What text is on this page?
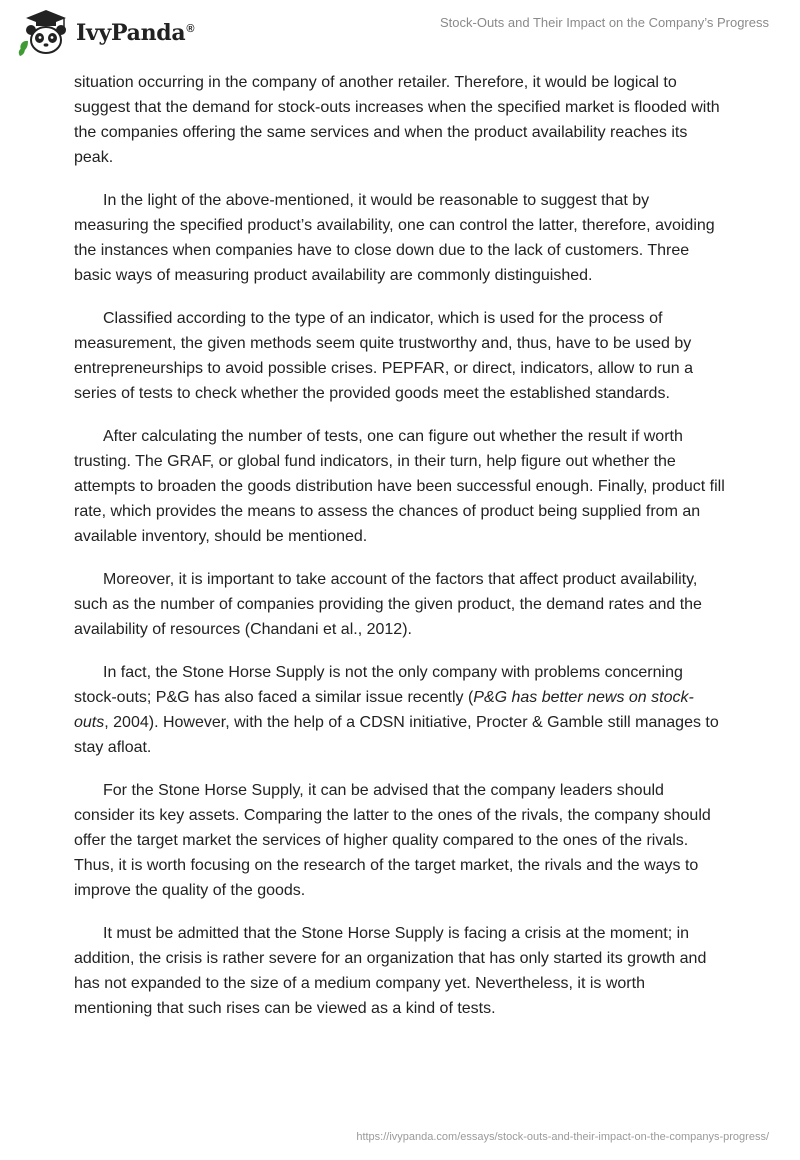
IvyPanda®	Stock-Outs and Their Impact on the Company’s Progress

situation occurring in the company of another retailer. Therefore, it would be logical to suggest that the demand for stock-outs increases when the specified market is flooded with the companies offering the same services and when the product availability reaches its peak.

In the light of the above-mentioned, it would be reasonable to suggest that by measuring the specified product’s availability, one can control the latter, therefore, avoiding the instances when companies have to close down due to the lack of customers. Three basic ways of measuring product availability are commonly distinguished.

Classified according to the type of an indicator, which is used for the process of measurement, the given methods seem quite trustworthy and, thus, have to be used by entrepreneurships to avoid possible crises. PEPFAR, or direct, indicators, allow to run a series of tests to check whether the provided goods meet the established standards.

After calculating the number of tests, one can figure out whether the result if worth trusting. The GRAF, or global fund indicators, in their turn, help figure out whether the attempts to broaden the goods distribution have been successful enough. Finally, product fill rate, which provides the means to assess the chances of product being supplied from an available inventory, should be mentioned.

Moreover, it is important to take account of the factors that affect product availability, such as the number of companies providing the given product, the demand rates and the availability of resources (Chandani et al., 2012).

In fact, the Stone Horse Supply is not the only company with problems concerning stock-outs; P&G has also faced a similar issue recently (P&G has better news on stock-outs, 2004). However, with the help of a CDSN initiative, Procter & Gamble still manages to stay afloat.

For the Stone Horse Supply, it can be advised that the company leaders should consider its key assets. Comparing the latter to the ones of the rivals, the company should offer the target market the services of higher quality compared to the ones of the rivals. Thus, it is worth focusing on the research of the target market, the rivals and the ways to improve the quality of the goods.

It must be admitted that the Stone Horse Supply is facing a crisis at the moment; in addition, the crisis is rather severe for an organization that has only started its growth and has not expanded to the size of a medium company yet. Nevertheless, it is worth mentioning that such rises can be viewed as a kind of tests.

https://ivypanda.com/essays/stock-outs-and-their-impact-on-the-companys-progress/
